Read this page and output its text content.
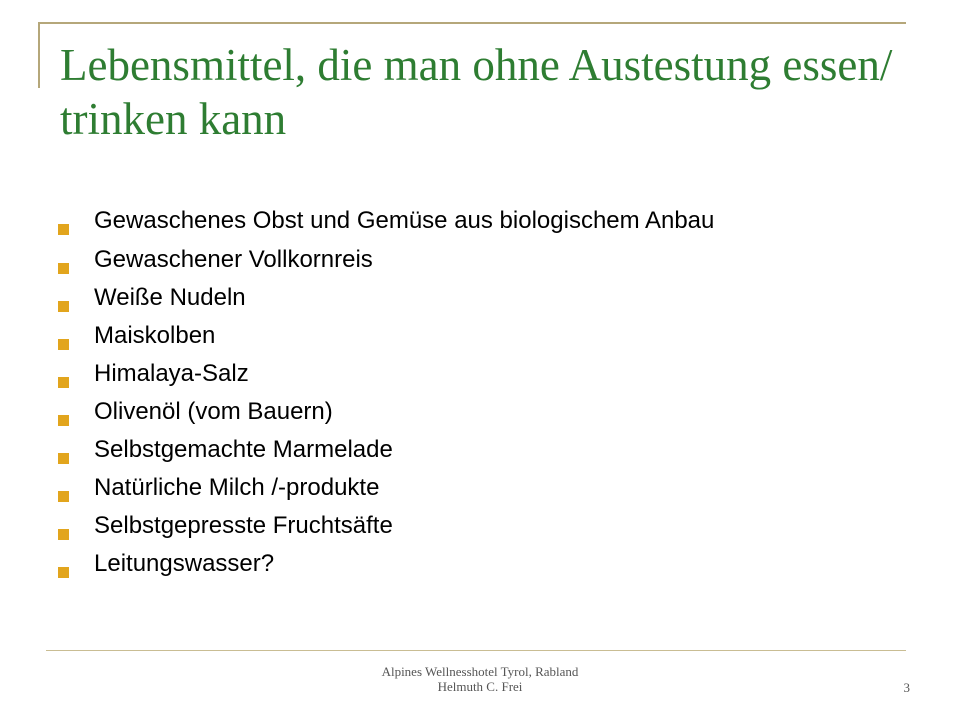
Lebensmittel, die man ohne Austestung essen/ trinken kann
Gewaschenes Obst und Gemüse aus biologischem Anbau
Gewaschener Vollkornreis
Weiße Nudeln
Maiskolben
Himalaya-Salz
Olivenöl (vom Bauern)
Selbstgemachte Marmelade
Natürliche Milch /-produkte
Selbstgepresste Fruchtsäfte
Leitungswasser?
Alpines Wellnesshotel Tyrol, Rabland
Helmuth C. Frei	3
